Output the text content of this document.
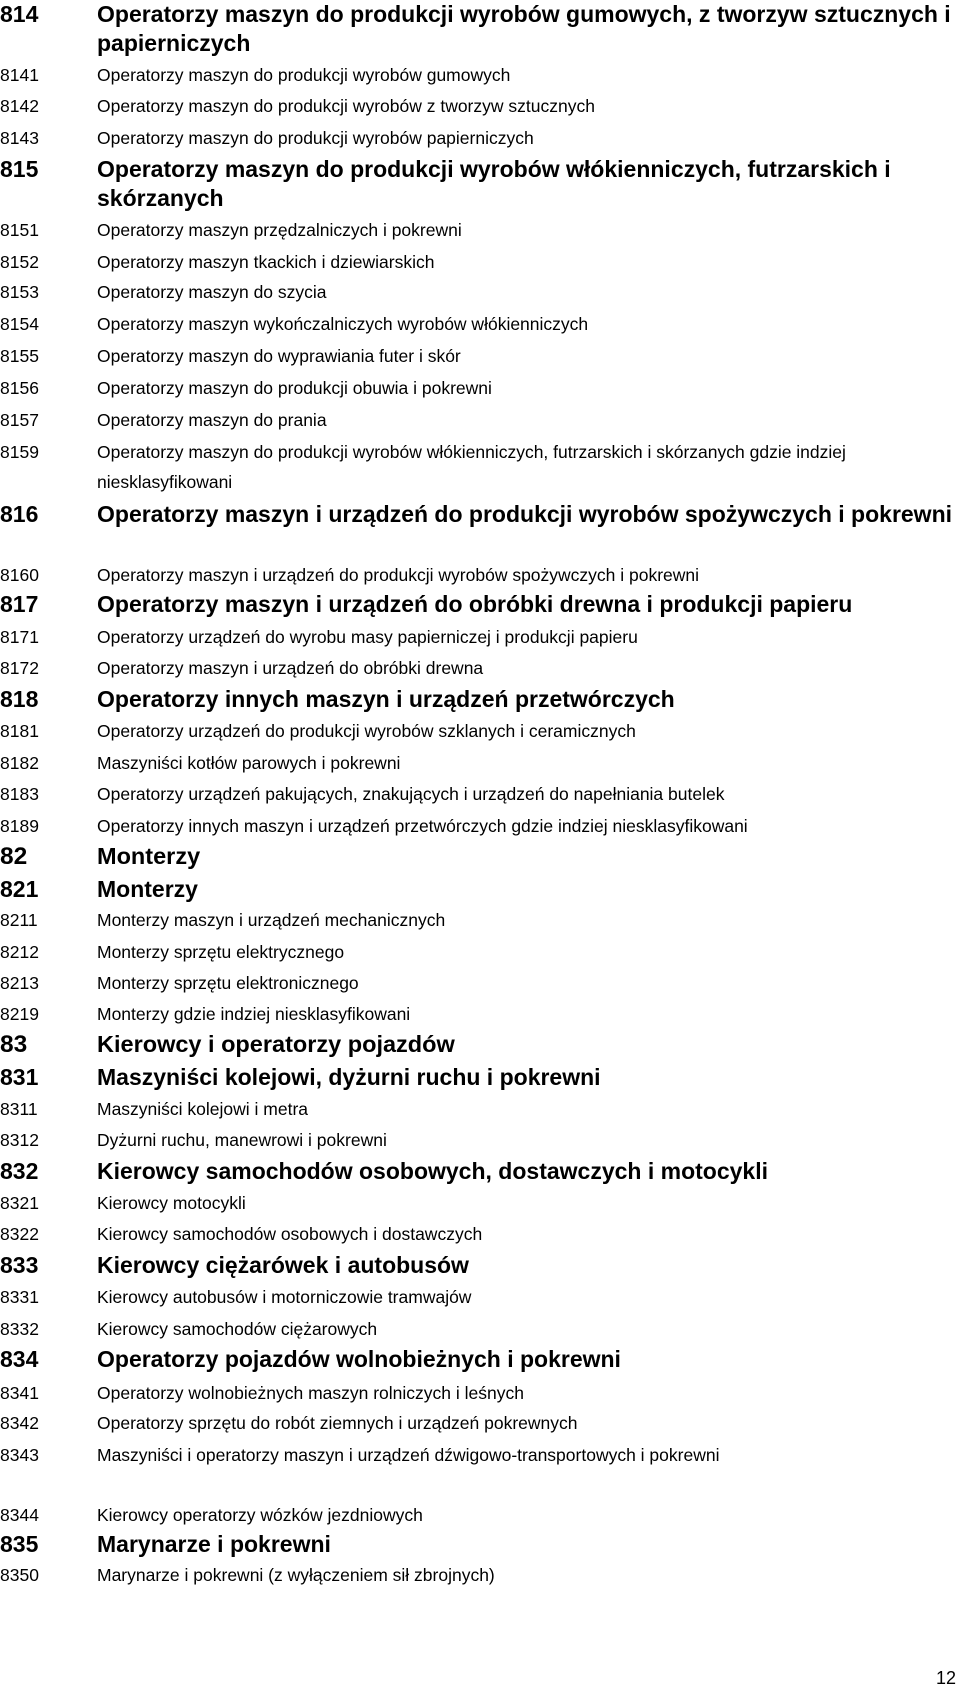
814	Operatorzy maszyn do produkcji wyrobów gumowych, z tworzyw sztucznych i papierniczych
8141	Operatorzy maszyn do produkcji wyrobów gumowych
8142	Operatorzy maszyn do produkcji wyrobów z tworzyw sztucznych
8143	Operatorzy maszyn do produkcji wyrobów papierniczych
815	Operatorzy maszyn do produkcji wyrobów włókienniczych, futrzarskich i skórzanych
8151	Operatorzy maszyn przędzalniczych i pokrewni
8152	Operatorzy maszyn tkackich i dziewiarskich
8153	Operatorzy maszyn do szycia
8154	Operatorzy maszyn wykończalniczych wyrobów włókienniczych
8155	Operatorzy maszyn do wyprawiania futer i skór
8156	Operatorzy maszyn do produkcji obuwia i pokrewni
8157	Operatorzy maszyn do prania
8159	Operatorzy maszyn do produkcji wyrobów włókienniczych, futrzarskich i skórzanych gdzie indziej niesklasyfikowani
816	Operatorzy maszyn i urządzeń do produkcji wyrobów spożywczych i pokrewni
8160	Operatorzy maszyn i urządzeń do produkcji wyrobów spożywczych i pokrewni
817	Operatorzy maszyn i urządzeń do obróbki drewna i produkcji papieru
8171	Operatorzy urządzeń do wyrobu masy papierniczej i produkcji papieru
8172	Operatorzy maszyn i urządzeń do obróbki drewna
818	Operatorzy innych maszyn i urządzeń przetwórczych
8181	Operatorzy urządzeń do produkcji wyrobów szklanych i ceramicznych
8182	Maszyniści kotłów parowych i pokrewni
8183	Operatorzy urządzeń pakujących, znakujących i urządzeń do napełniania butelek
8189	Operatorzy innych maszyn i urządzeń przetwórczych gdzie indziej niesklasyfikowani
82	Monterzy
821	Monterzy
8211	Monterzy maszyn i urządzeń mechanicznych
8212	Monterzy sprzętu elektrycznego
8213	Monterzy sprzętu elektronicznego
8219	Monterzy gdzie indziej niesklasyfikowani
83	Kierowcy i operatorzy pojazdów
831	Maszyniści kolejowi, dyżurni ruchu i pokrewni
8311	Maszyniści kolejowi i metra
8312	Dyżurni ruchu, manewrowi i pokrewni
832	Kierowcy samochodów osobowych, dostawczych i motocykli
8321	Kierowcy motocykli
8322	Kierowcy samochodów osobowych i dostawczych
833	Kierowcy ciężarówek i autobusów
8331	Kierowcy autobusów i motorniczowie tramwajów
8332	Kierowcy samochodów ciężarowych
834	Operatorzy pojazdów wolnobieżnych i pokrewni
8341	Operatorzy wolnobieżnych maszyn rolniczych i leśnych
8342	Operatorzy sprzętu do robót ziemnych i urządzeń pokrewnych
8343	Maszyniści i operatorzy maszyn i urządzeń dźwigowo-transportowych i pokrewni
8344	Kierowcy operatorzy wózków jezdniowych
835	Marynarze i pokrewni
8350	Marynarze i pokrewni (z wyłączeniem sił zbrojnych)
12
